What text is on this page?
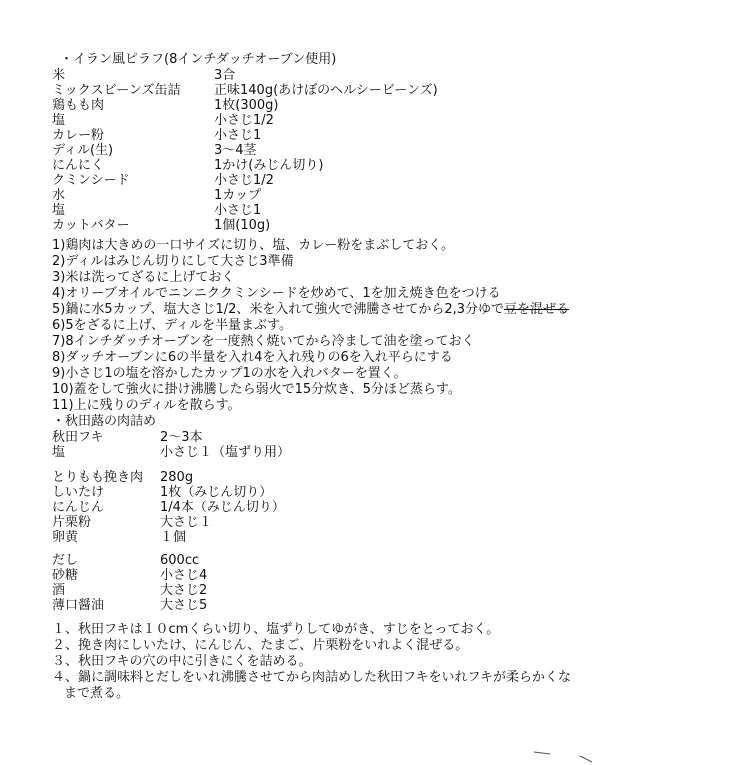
・イラン風ピラフ(8インチダッチオーブン使用)
米	3合
ミックスビーンズ缶詰	正味140g(あけぼのヘルシービーンズ)
鶏もも肉	1枚(300g)
塩	小さじ1/2
カレー粉	小さじ1
ディル(生)	3～4茎
にんにく	1かけ(みじん切り)
クミンシード	小さじ1/2
水	1カップ
塩	小さじ1
カットバター	1個(10g)
1)鶏肉は大きめの一口サイズに切り、塩、カレー粉をまぶしておく。
2)ディルはみじん切りにして大さじ3準備
3)米は洗ってざるに上げておく
4)オリーブオイルでニンニククミンシードを炒めて、1を加え焼き色をつける
5)鍋に水5カップ、塩大さじ1/2、米を入れて強火で沸騰させてから2,3分ゆで豆を混ぜる
6)5をざるに上げ、ディルを半量まぶす。
7)8インチダッチオーブンを一度熱く焼いてから冷まして油を塗っておく
8)ダッチオーブンに6の半量を入れ4を入れ残りの6を入れ平らにする
9)小さじ1の塩を溶かしたカップ1の水を入れバターを置く。
10)蓋をして強火に掛け沸騰したら弱火で15分炊き、5分ほど蒸らす。
11)上に残りのディルを散らす。
・秋田蕗の肉詰め
秋田フキ	2～3本
塩	小さじ１（塩ずり用）
とりもも挽き肉 280g
しいたけ	1枚（みじん切り）
にんじん	1/4本（みじん切り）
片栗粉	大さじ１
卵黄	１個
だし	600cc
砂糖	小さじ4
酒	大さじ2
薄口醤油	大さじ5
１、秋田フキは１０cmくらい切り、塩ずりしてゆがき、すじをとっておく。
２、挽き肉にしいたけ、にんじん、たまご、片栗粉をいれよく混ぜる。
３、秋田フキの穴の中に引きにくを詰める。
４、鍋に調味料とだしをいれ沸騰させてから肉詰めした秋田フキをいれフキが柔らかくな
まで煮る。
